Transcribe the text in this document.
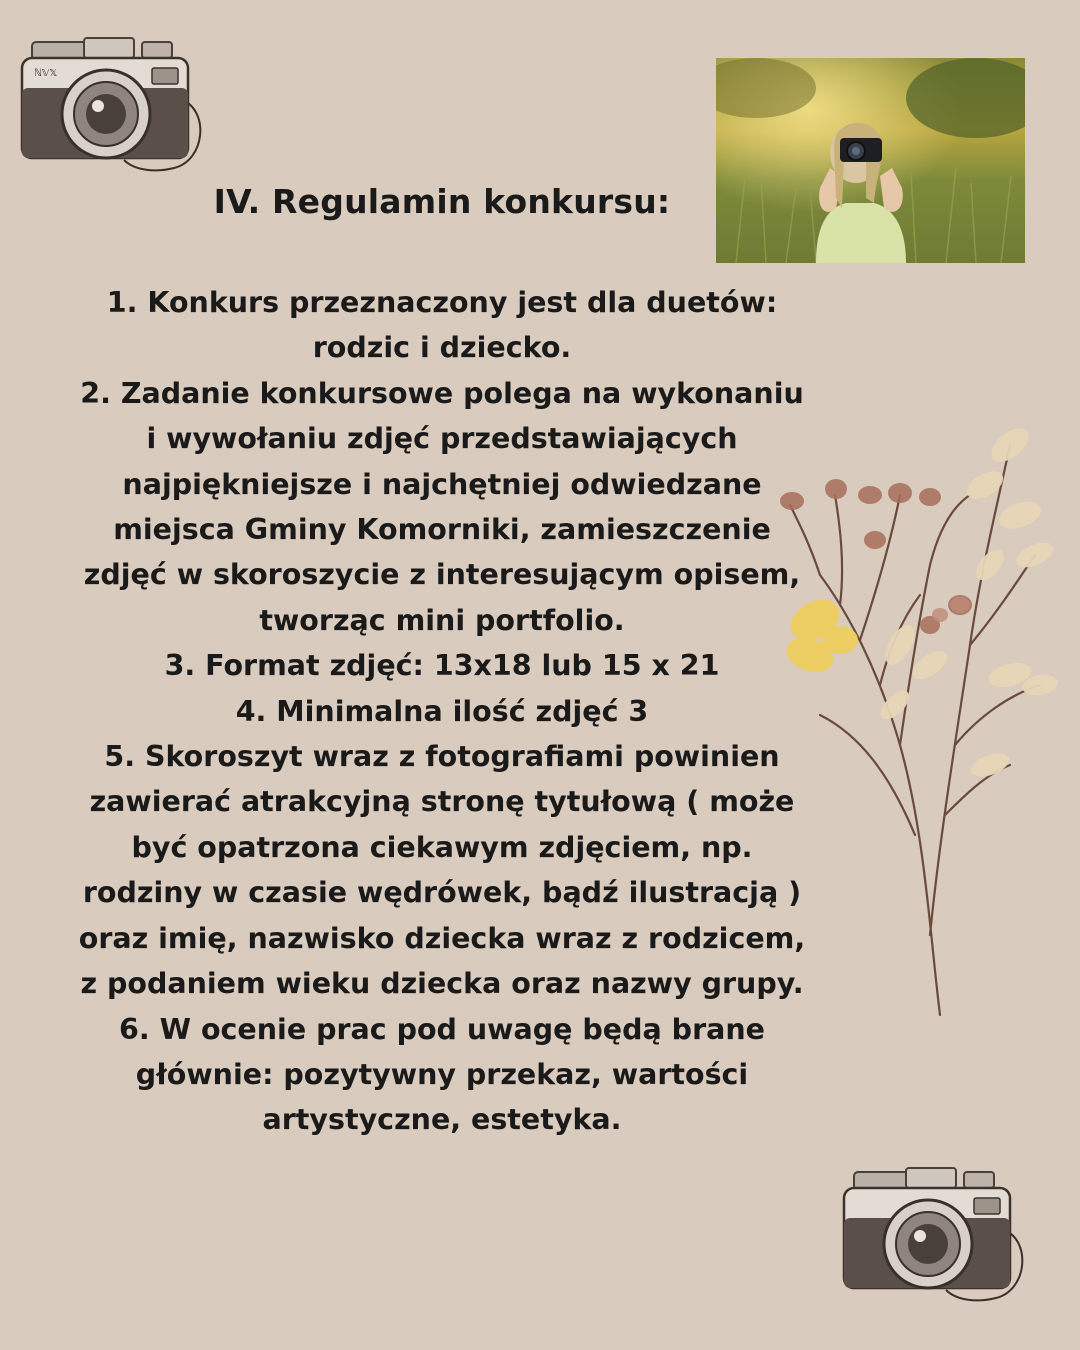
ℕ𝕍𝕏
IV. Regulamin konkursu:
1. Konkurs przeznaczony jest dla duetów: rodzic i dziecko.
2. Zadanie konkursowe polega na wykonaniu i wywołaniu zdjęć przedstawiających najpiękniejsze i najchętniej odwiedzane miejsca Gminy Komorniki, zamieszczenie zdjęć w skoroszycie z interesującym opisem, tworząc mini portfolio.
3. Format zdjęć: 13x18 lub 15 x 21
4. Minimalna ilość zdjęć 3
5. Skoroszyt wraz z fotografiami powinien zawierać atrakcyjną stronę tytułową ( może być opatrzona ciekawym zdjęciem, np. rodziny w czasie wędrówek, bądź ilustracją ) oraz imię, nazwisko dziecka wraz z rodzicem, z podaniem wieku dziecka oraz nazwy grupy.
6. W ocenie prac pod uwagę będą brane głównie: pozytywny przekaz, wartości artystyczne, estetyka.
